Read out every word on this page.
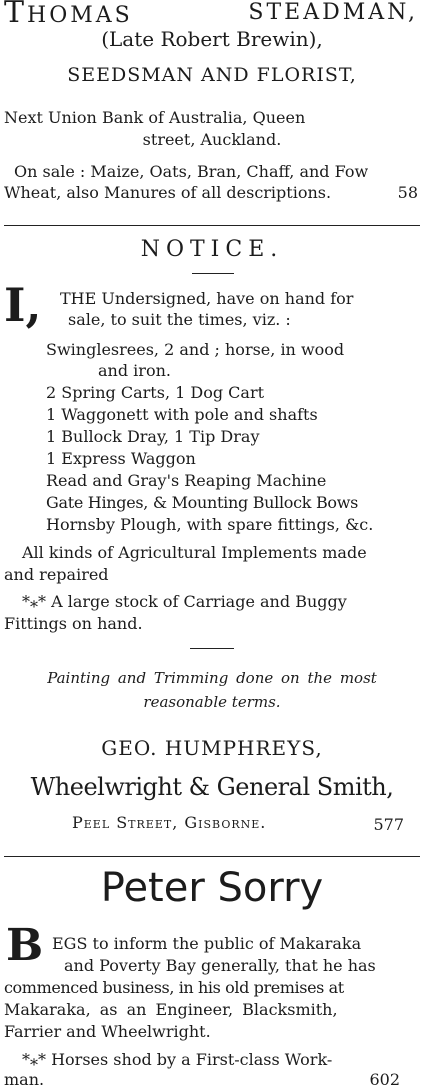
THOMAS	STEADMAN,
(Late Robert Brewin),
SEEDSMAN AND FLORIST,
Next Union Bank of Australia, Queen
street, Auckland.
On sale : Maize, Oats, Bran, Chaff, and Fow
Wheat, also Manures of all descriptions.	58
NOTICE.
I, THE Undersigned, have on hand for
sale, to suit the times, viz. :
Swinglesrees, 2 and ; horse, in wood
and iron.
2 Spring Carts, 1 Dog Cart
1 Waggonett with pole and shafts
1 Bullock Dray, 1 Tip Dray
1 Express Waggon
Read and Gray's Reaping Machine
Gate Hinges, & Mounting Bullock Bows
Hornsby Plough, with spare fittings, &c.
All kinds of Agricultural Implements made
and repaired
*⁎* A large stock of Carriage and Buggy
Fittings on hand.
Painting and Trimming done on the most
reasonable terms.
GEO. HUMPHREYS,
Wheelwright & General Smith,
Peel Street, Gisborne.	577
Peter Sorry
B EGS to inform the public of Makaraka
and Poverty Bay generally, that he has
commenced business, in his old premises at
Makaraka, as an Engineer, Blacksmith,
Farrier and Wheelwright.
*⁎* Horses shod by a First-class Work-
man.	602
